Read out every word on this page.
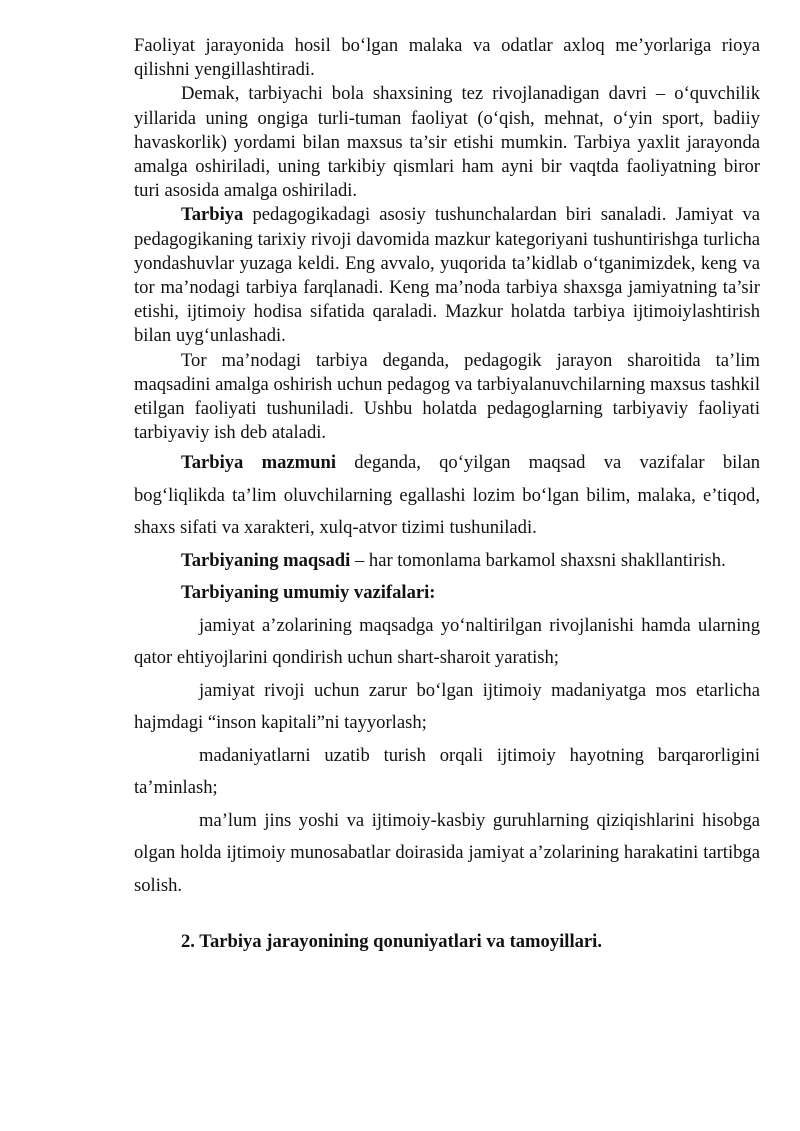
Faoliyat jarayonida hosil bo‘lgan malaka va odatlar axloq me’yorlariga rioya qilishni yengillashtiradi.

Demak, tarbiyachi bola shaxsining tez rivojlanadigan davri – o‘quvchilik yillarida uning ongiga turli-tuman faoliyat (o‘qish, mehnat, o‘yin sport, badiiy havaskorlik) yordami bilan maxsus ta’sir etishi mumkin. Tarbiya yaxlit jarayonda amalga oshiriladi, uning tarkibiy qismlari ham ayni bir vaqtda faoliyatning biror turi asosida amalga oshiriladi.

Tarbiya pedagogikadagi asosiy tushunchalardan biri sanaladi. Jamiyat va pedagogikaning tarixiy rivoji davomida mazkur kategoriyani tushuntirishga turlicha yondashuvlar yuzaga keldi. Eng avvalo, yuqorida ta’kidlab o‘tganimizdek, keng va tor ma’nodagi tarbiya farqlanadi. Keng ma’noda tarbiya shaxsga jamiyatning ta’sir etishi, ijtimoiy hodisa sifatida qaraladi. Mazkur holatda tarbiya ijtimoiylashtirish bilan uyg‘unlashadi.

Tor ma’nodagi tarbiya deganda, pedagogik jarayon sharoitida ta’lim maqsadini amalga oshirish uchun pedagog va tarbiyalanuvchilarning maxsus tashkil etilgan faoliyati tushuniladi. Ushbu holatda pedagoglarning tarbiyaviy faoliyati tarbiyaviy ish deb ataladi.

Tarbiya mazmuni deganda, qo‘yilgan maqsad va vazifalar bilan bog‘liqlikda ta’lim oluvchilarning egallashi lozim bo‘lgan bilim, malaka, e’tiqod, shaxs sifati va xarakteri, xulq-atvor tizimi tushuniladi.

Tarbiyaning maqsadi – har tomonlama barkamol shaxsni shakllantirish.

Tarbiyaning umumiy vazifalari:

jamiyat a’zolarining maqsadga yo‘naltirilgan rivojlanishi hamda ularning qator ehtiyojlarini qondirish uchun shart-sharoit yaratish;

jamiyat rivoji uchun zarur bo‘lgan ijtimoiy madaniyatga mos etarlicha hajmdagi “inson kapitali”ni tayyorlash;

madaniyatlarni uzatib turish orqali ijtimoiy hayotning barqarorligini ta’minlash;

ma’lum jins yoshi va ijtimoiy-kasbiy guruhlarning qiziqishlarini hisobga olgan holda ijtimoiy munosabatlar doirasida jamiyat a’zolarining harakatini tartibga solish.

2. Tarbiya jarayonining qonuniyatlari va tamoyillari.
